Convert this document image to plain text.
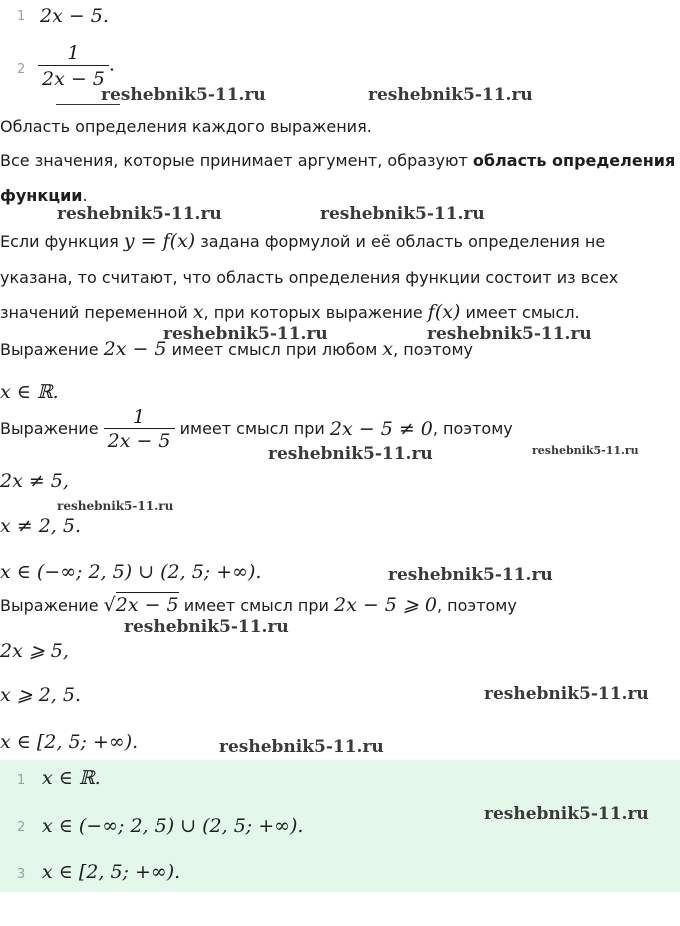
1 2x − 5.
$2 \frac{1}{2x - 5}$ .
Область определения каждого выражения.
Все значения, которые принимает аргумент, образуют область определения
функции.
Если функция y = f(x) задана формулой и её область определения не
указана, то считают, что область определения функции состоит из всех
значений переменной x, при которых выражение f(x) имеет смысл.
Выражение 2x − 5 имеет смысл при любом x, поэтому
x ∈ ℝ.
Выражение $\frac{1}{2x - 5}$ имеет смысл при 2x − 5 ≠ 0, поэтому
2x ≠ 5,
x ≠ 2, 5.
x ∈ (−∞; 2, 5) ∪ (2, 5; +∞).
Выражение √2x − 5 имеет смысл при 2x − 5 ⩾ 0, поэтому
2x ⩾ 5,
x ⩾ 2, 5.
x ∈ [2, 5; +∞).
1 x ∈ ℝ.
2 x ∈ (−∞; 2, 5) ∪ (2, 5; +∞).
3 x ∈ [2, 5; +∞).
reshebnik5-11.ru	reshebnik5-11.ru
reshebnik5-11.ru	reshebnik5-11.ru
reshebnik5-11.ru	reshebnik5-11.ru
reshebnik5-11.ru	reshebnik5-11.ru
reshebnik5-11.ru
reshebnik5-11.ru
reshebnik5-11.ru
reshebnik5-11.ru
reshebnik5-11.ru
reshebnik5-11.ru
